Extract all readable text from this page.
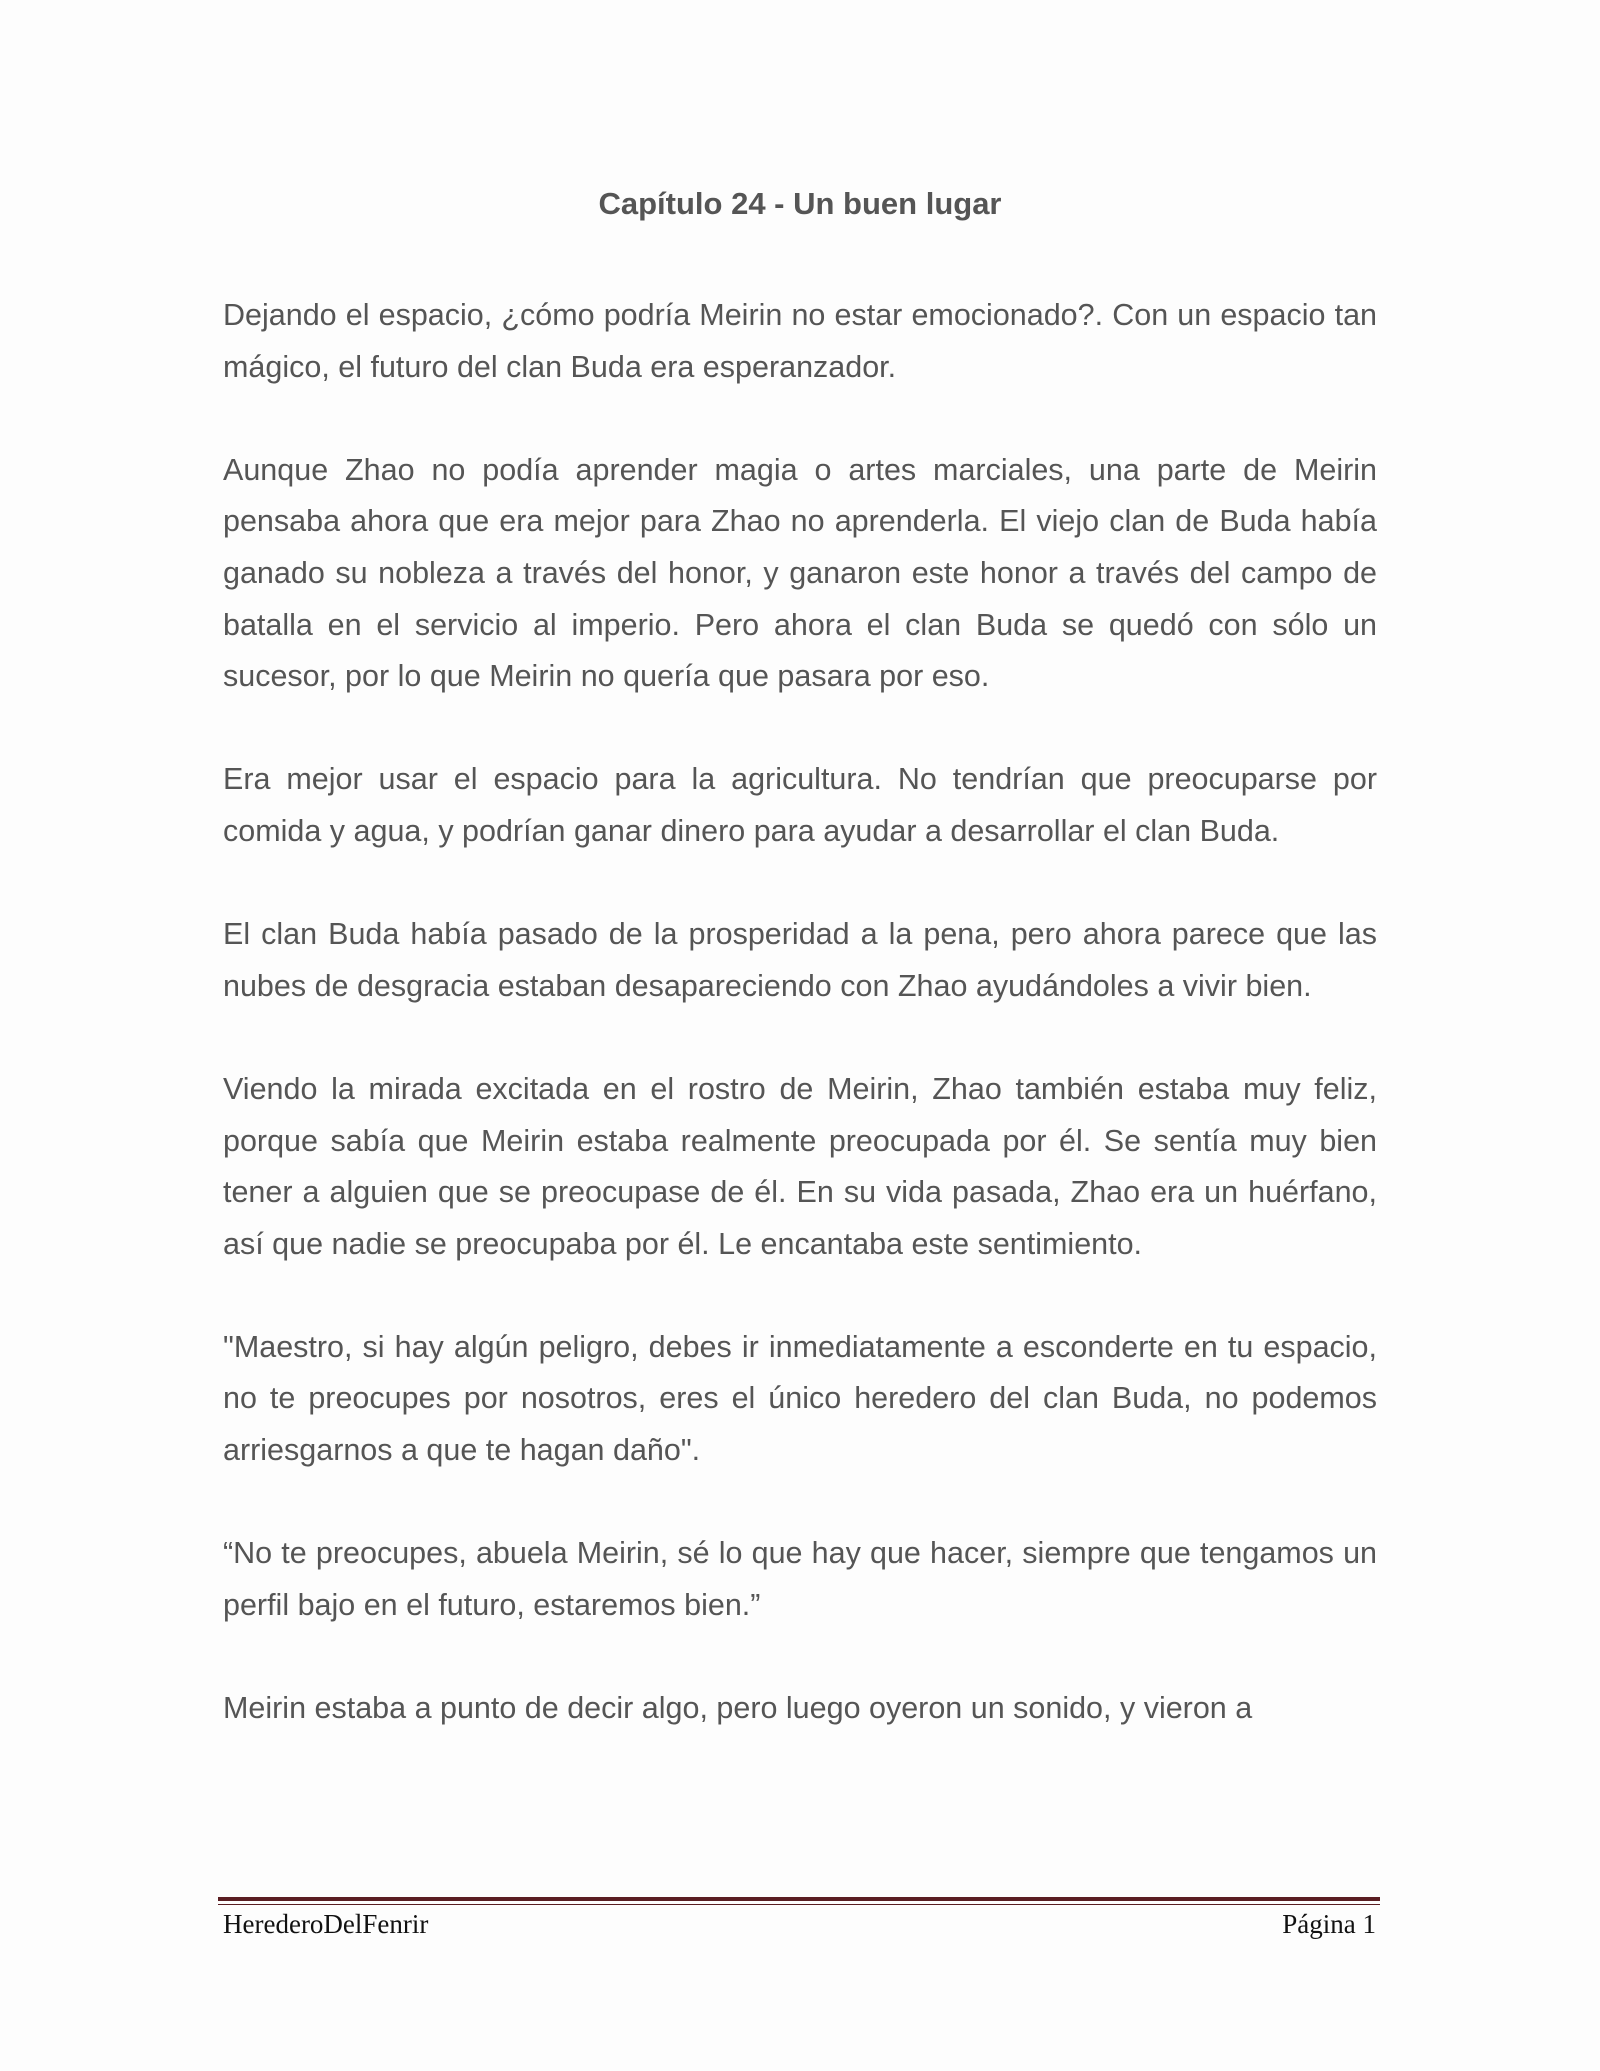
Capítulo 24 - Un buen lugar

Dejando el espacio, ¿cómo podría Meirin no estar emocionado?. Con un espacio tan mágico, el futuro del clan Buda era esperanzador.

Aunque Zhao no podía aprender magia o artes marciales, una parte de Meirin pensaba ahora que era mejor para Zhao no aprenderla. El viejo clan de Buda había ganado su nobleza a través del honor, y ganaron este honor a través del campo de batalla en el servicio al imperio. Pero ahora el clan Buda se quedó con sólo un sucesor, por lo que Meirin no quería que pasara por eso.

Era mejor usar el espacio para la agricultura. No tendrían que preocuparse por comida y agua, y podrían ganar dinero para ayudar a desarrollar el clan Buda.

El clan Buda había pasado de la prosperidad a la pena, pero ahora parece que las nubes de desgracia estaban desapareciendo con Zhao ayudándoles a vivir bien.

Viendo la mirada excitada en el rostro de Meirin, Zhao también estaba muy feliz, porque sabía que Meirin estaba realmente preocupada por él. Se sentía muy bien tener a alguien que se preocupase de él. En su vida pasada, Zhao era un huérfano, así que nadie se preocupaba por él. Le encantaba este sentimiento.

"Maestro, si hay algún peligro, debes ir inmediatamente a esconderte en tu espacio, no te preocupes por nosotros, eres el único heredero del clan Buda, no podemos arriesgarnos a que te hagan daño".

“No te preocupes, abuela Meirin, sé lo que hay que hacer, siempre que tengamos un perfil bajo en el futuro, estaremos bien.”

Meirin estaba a punto de decir algo, pero luego oyeron un sonido, y vieron a

HerederoDelFenrir	Página 1
